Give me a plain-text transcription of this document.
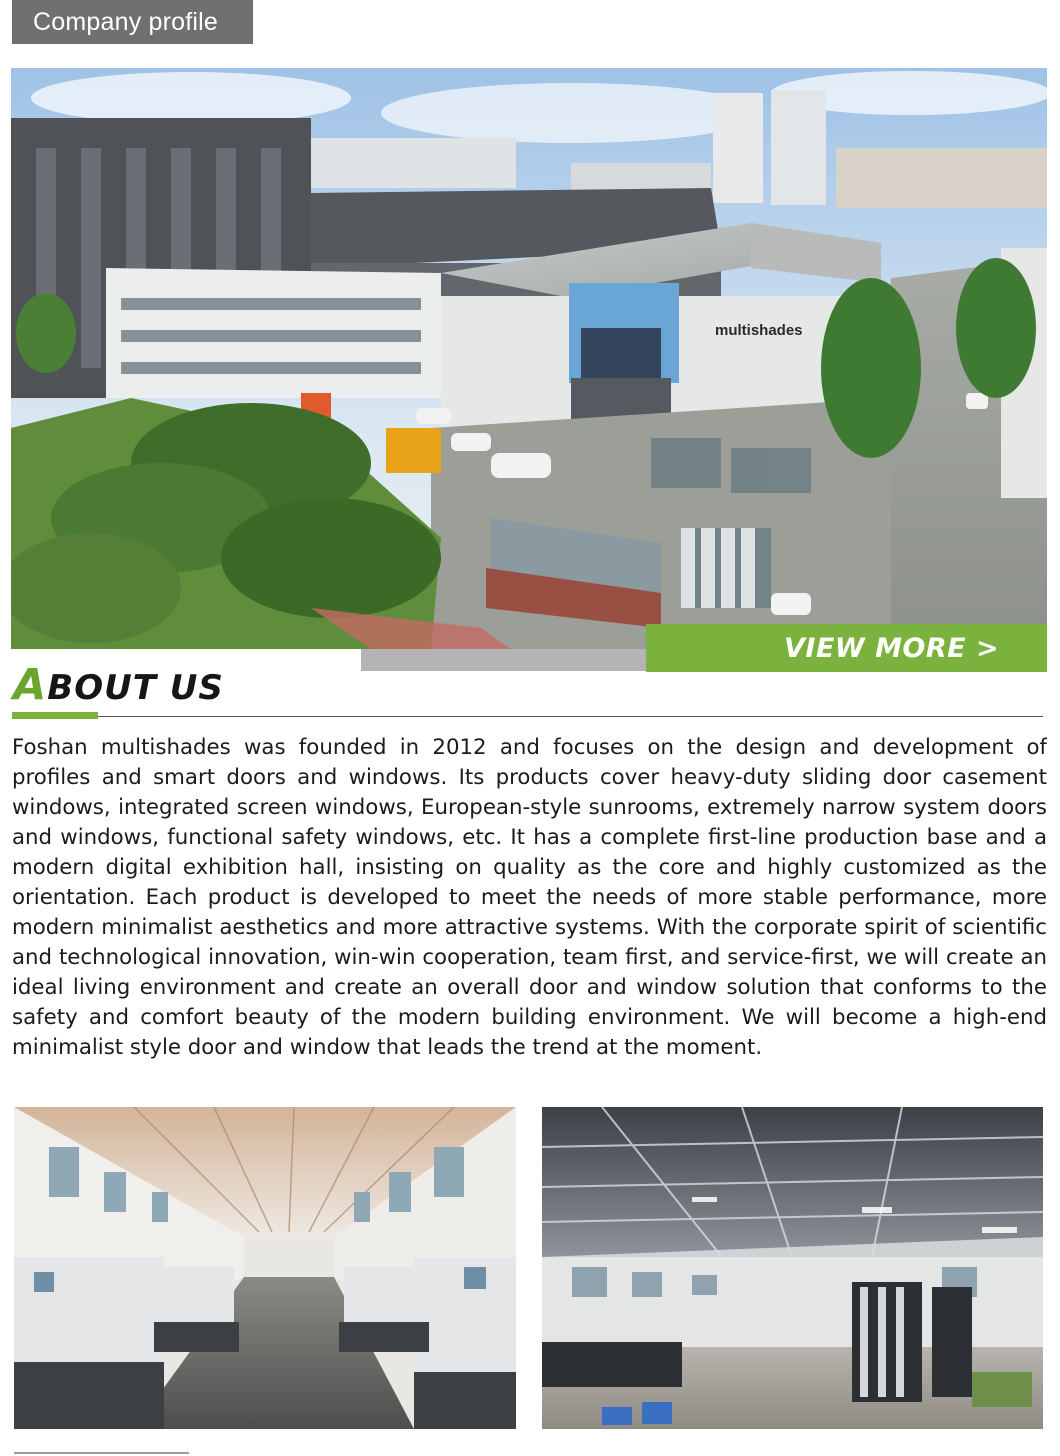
Company profile
multishades
VIEW MORE >
ABOUT US
Foshan multishades was founded in 2012 and focuses on the design and development of profiles and smart doors and windows. Its products cover heavy-duty sliding door casement windows, integrated screen windows, European-style sunrooms, extremely narrow system doors and windows, functional safety windows, etc. It has a complete first-line production base and a modern digital exhibition hall, insisting on quality as the core and highly customized as the orientation. Each product is developed to meet the needs of more stable performance, more modern minimalist aesthetics and more attractive systems. With the corporate spirit of scientific and technological innovation, win-win cooperation, team first, and service-first, we will create an ideal living environment and create an overall door and window solution that conforms to the safety and comfort beauty of the modern building environment. We will become a high-end minimalist style door and window that leads the trend at the moment.
